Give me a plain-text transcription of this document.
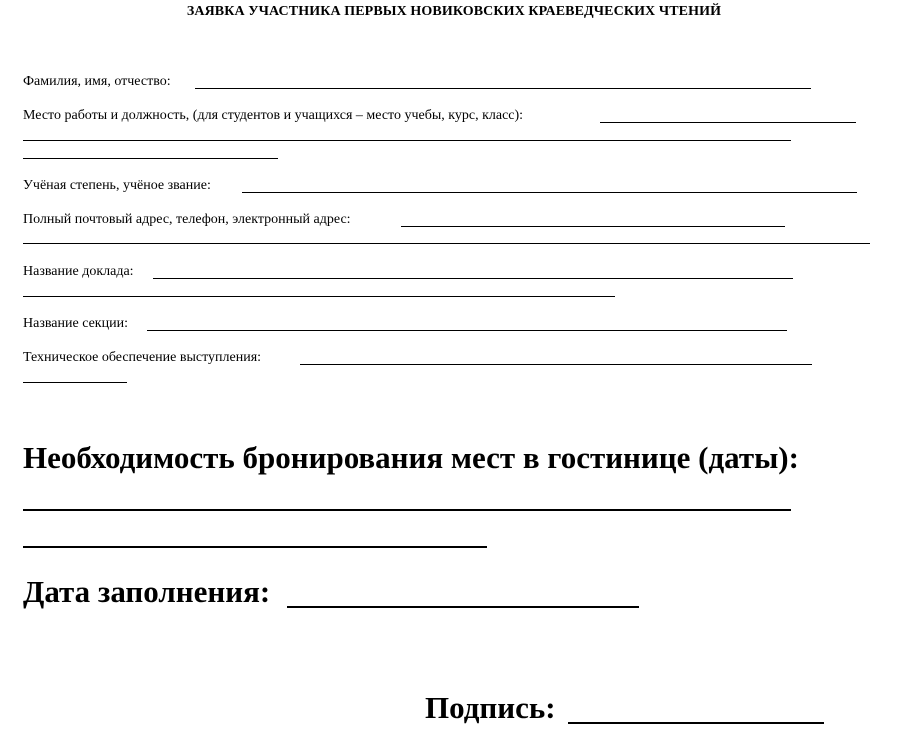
ЗАЯВКА УЧАСТНИКА ПЕРВЫХ НОВИКОВСКИХ КРАЕВЕДЧЕСКИХ ЧТЕНИЙ
Фамилия, имя, отчество:
Место работы и должность, (для студентов и учащихся – место учебы, курс, класс):
Учёная степень, учёное звание:
Полный почтовый адрес, телефон, электронный адрес:
Название доклада:
Название секции:
Техническое обеспечение выступления:
Необходимость бронирования мест в гостинице (даты):
Дата заполнения:
Подпись:
